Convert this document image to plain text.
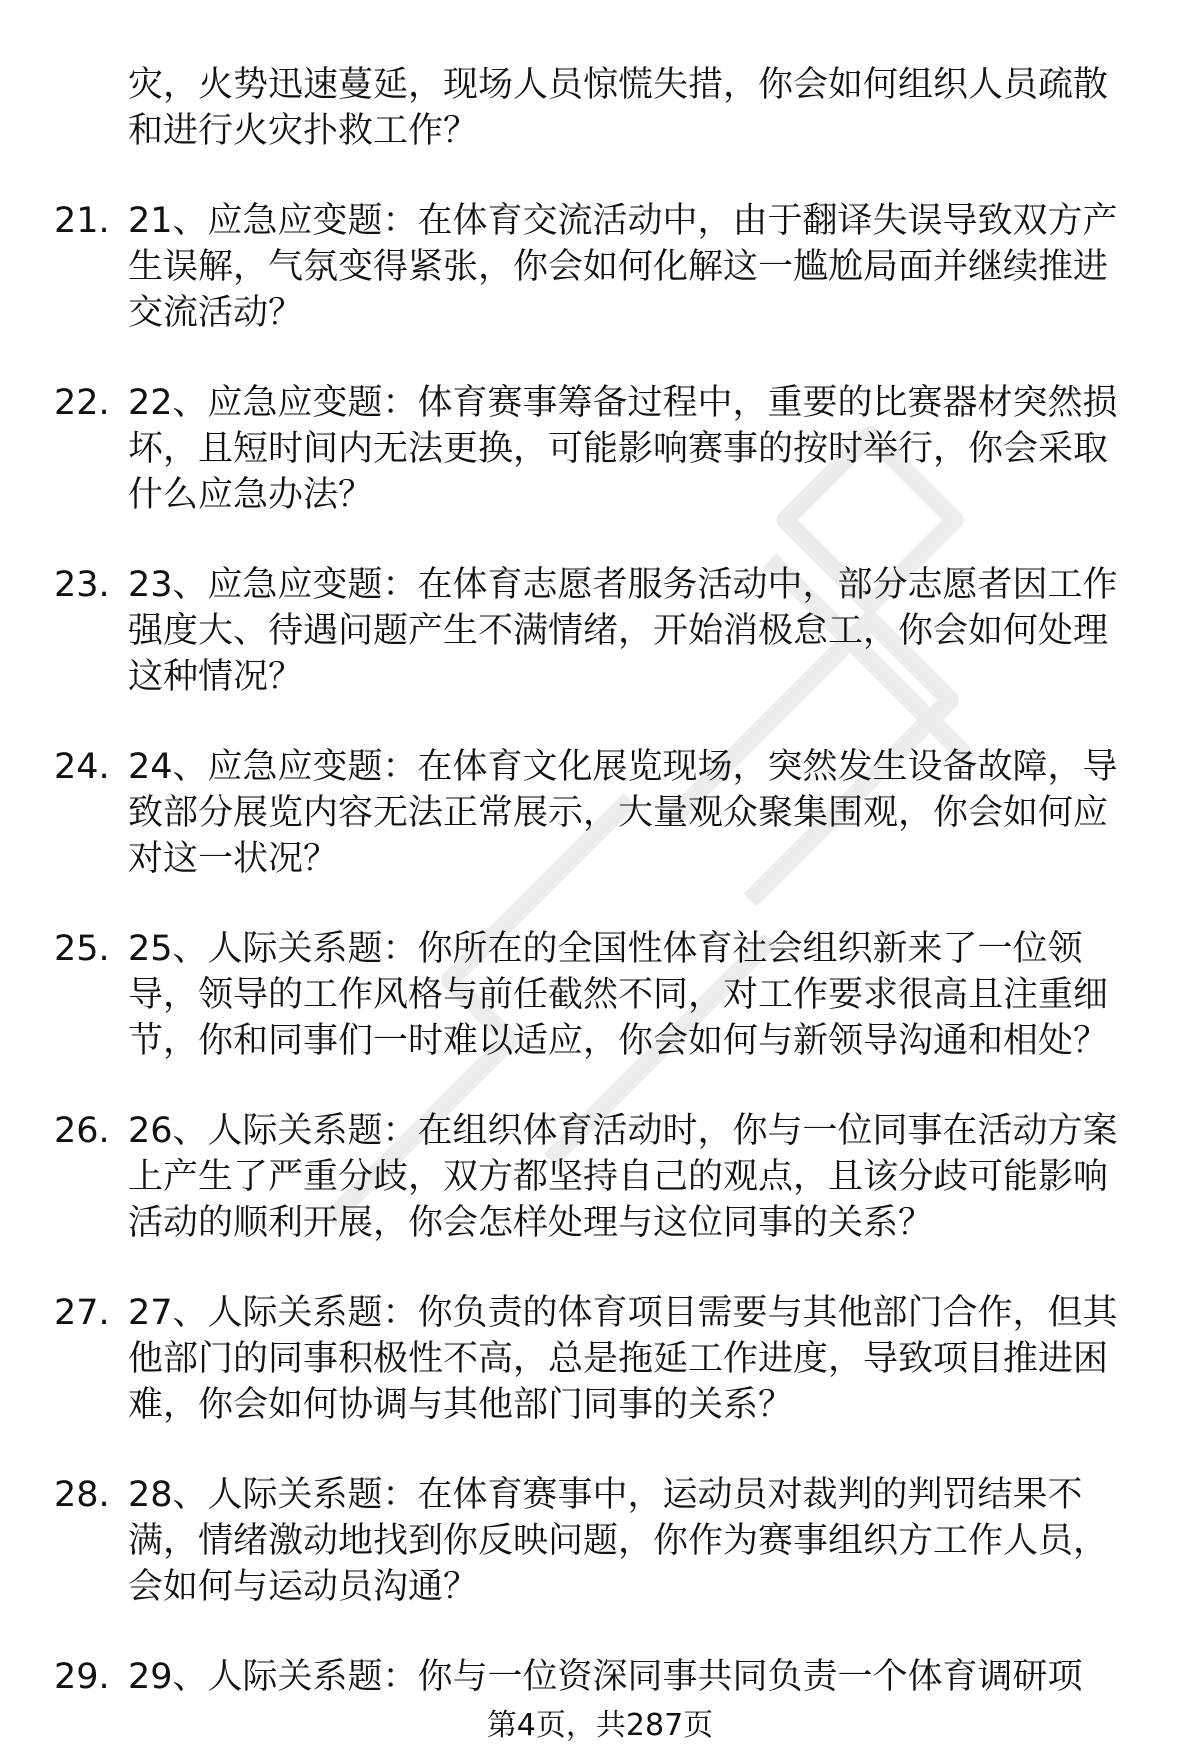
灾，火势迅速蔓延，现场人员惊慌失措，你会如何组织人员疏散和进行火灾扑救工作？

21. 21、应急应变题：在体育交流活动中，由于翻译失误导致双方产生误解，气氛变得紧张，你会如何化解这一尴尬局面并继续推进交流活动？
22. 22、应急应变题：体育赛事筹备过程中，重要的比赛器材突然损坏，且短时间内无法更换，可能影响赛事的按时举行，你会采取什么应急办法？
23. 23、应急应变题：在体育志愿者服务活动中，部分志愿者因工作强度大、待遇问题产生不满情绪，开始消极怠工，你会如何处理这种情况？
24. 24、应急应变题：在体育文化展览现场，突然发生设备故障，导致部分展览内容无法正常展示，大量观众聚集围观，你会如何应对这一状况？
25. 25、人际关系题：你所在的全国性体育社会组织新来了一位领导，领导的工作风格与前任截然不同，对工作要求很高且注重细节，你和同事们一时难以适应，你会如何与新领导沟通和相处？
26. 26、人际关系题：在组织体育活动时，你与一位同事在活动方案上产生了严重分歧，双方都坚持自己的观点，且该分歧可能影响活动的顺利开展，你会怎样处理与这位同事的关系？
27. 27、人际关系题：你负责的体育项目需要与其他部门合作，但其他部门的同事积极性不高，总是拖延工作进度，导致项目推进困难，你会如何协调与其他部门同事的关系？
28. 28、人际关系题：在体育赛事中，运动员对裁判的判罚结果不满，情绪激动地找到你反映问题，你作为赛事组织方工作人员，会如何与运动员沟通？
29. 29、人际关系题：你与一位资深同事共同负责一个体育调研项
第4页，共287页
